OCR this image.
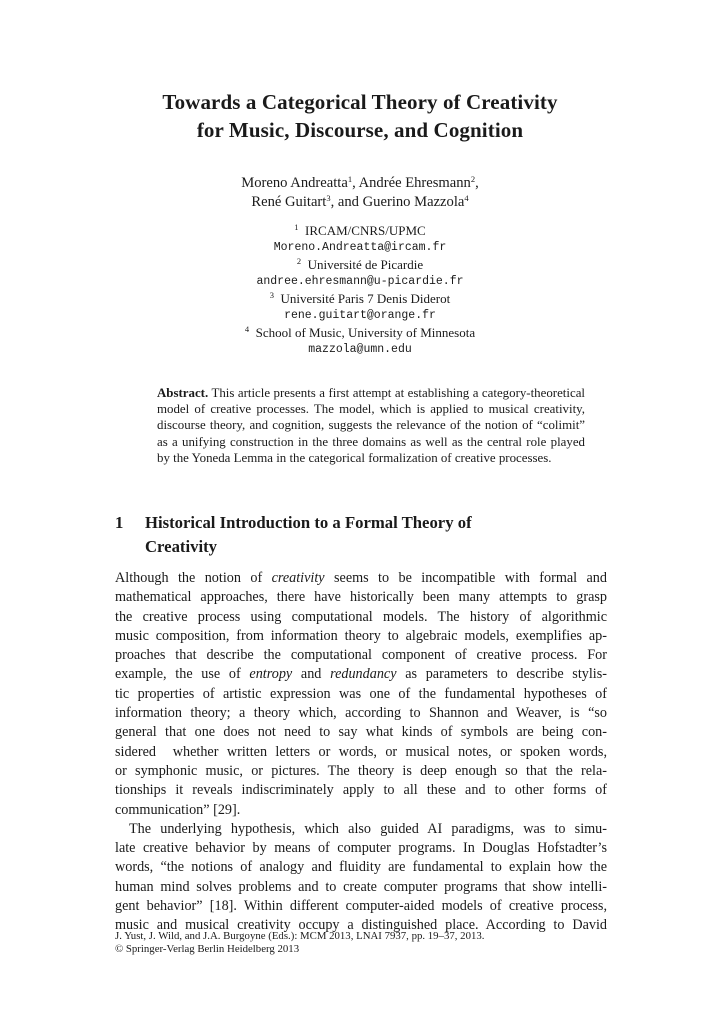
Towards a Categorical Theory of Creativity
for Music, Discourse, and Cognition
Moreno Andreatta$^1$, Andrée Ehresmann$^2$,
René Guitart$^3$, and Guerino Mazzola$^4$
$^1$ IRCAM/CNRS/UPMC
Moreno.Andreatta@ircam.fr
$^2$ Université de Picardie
andree.ehresmann@u-picardie.fr
$^3$ Université Paris 7 Denis Diderot
rene.guitart@orange.fr
$^4$ School of Music, University of Minnesota
mazzola@umn.edu
Abstract. This article presents a first attempt at establishing a category-theoretical model of creative processes. The model, which is applied to musical creativity, discourse theory, and cognition, suggests the relevance of the notion of “colimit” as a unifying construction in the three domains as well as the central role played by the Yoneda Lemma in the categorical formalization of creative processes.
1 Historical Introduction to a Formal Theory of
Creativity

Although the notion of creativity seems to be incompatible with formal and
mathematical approaches, there have historically been many attempts to grasp
the creative process using computational models. The history of algorithmic
music composition, from information theory to algebraic models, exemplifies ap-
proaches that describe the computational component of creative process. For
example, the use of entropy and redundancy as parameters to describe stylis-
tic properties of artistic expression was one of the fundamental hypotheses of
information theory; a theory which, according to Shannon and Weaver, is “so
general that one does not need to say what kinds of symbols are being con-
sidered  whether written letters or words, or musical notes, or spoken words,
or symphonic music, or pictures. The theory is deep enough so that the rela-
tionships it reveals indiscriminately apply to all these and to other forms of
communication” [29].

The underlying hypothesis, which also guided AI paradigms, was to simu-
late creative behavior by means of computer programs. In Douglas Hofstadter’s
words, “the notions of analogy and fluidity are fundamental to explain how the
human mind solves problems and to create computer programs that show intelli-
gent behavior” [18]. Within different computer-aided models of creative process,
music and musical creativity occupy a distinguished place. According to David

J. Yust, J. Wild, and J.A. Burgoyne (Eds.): MCM 2013, LNAI 7937, pp. 19–37, 2013.
© Springer-Verlag Berlin Heidelberg 2013
